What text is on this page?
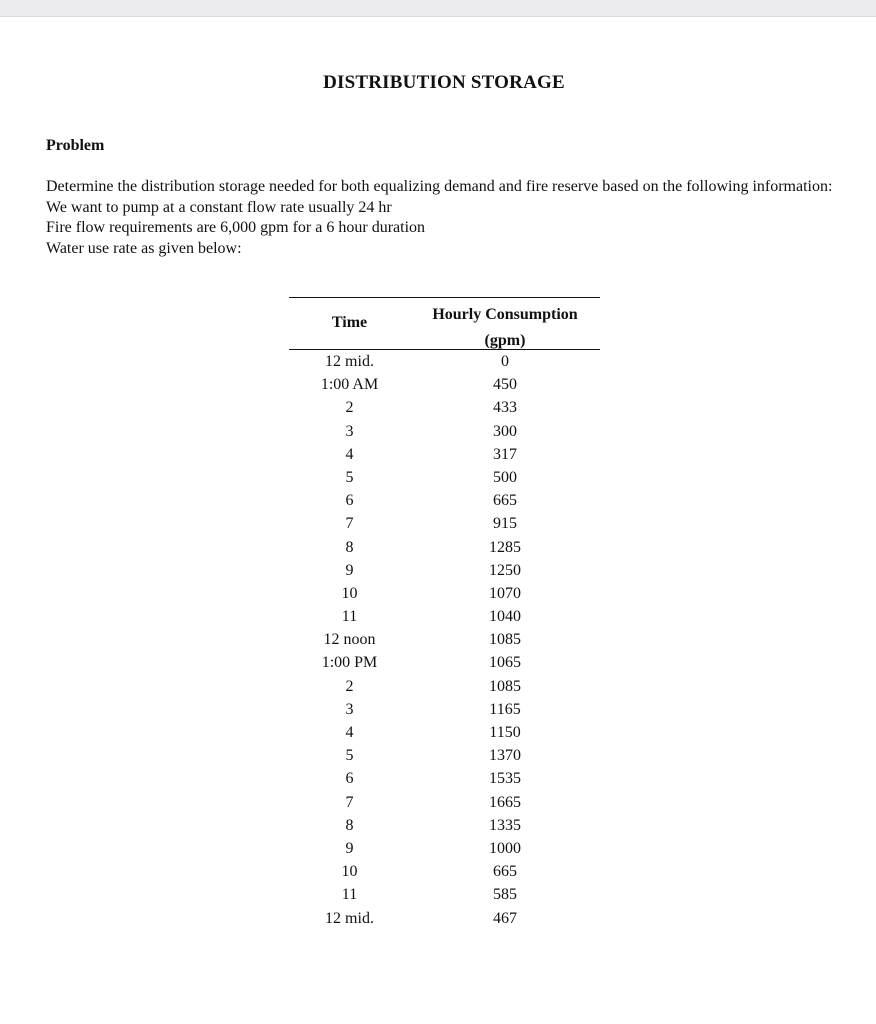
DISTRIBUTION STORAGE
Problem

Determine the distribution storage needed for both equalizing demand and fire reserve based on the following information:

We want to pump at a constant flow rate usually 24 hr

Fire flow requirements are 6,000 gpm for a 6 hour duration

Water use rate as given below:

Time	Hourly Consumption
(gpm)
12 mid.	0
1:00 AM	450
2	433
3	300
4	317
5	500
6	665
7	915
8	1285
9	1250
10	1070
11	1040
12 noon	1085
1:00 PM	1065
2	1085
3	1165
4	1150
5	1370
6	1535
7	1665
8	1335
9	1000
10	665
11	585
12 mid.	467
